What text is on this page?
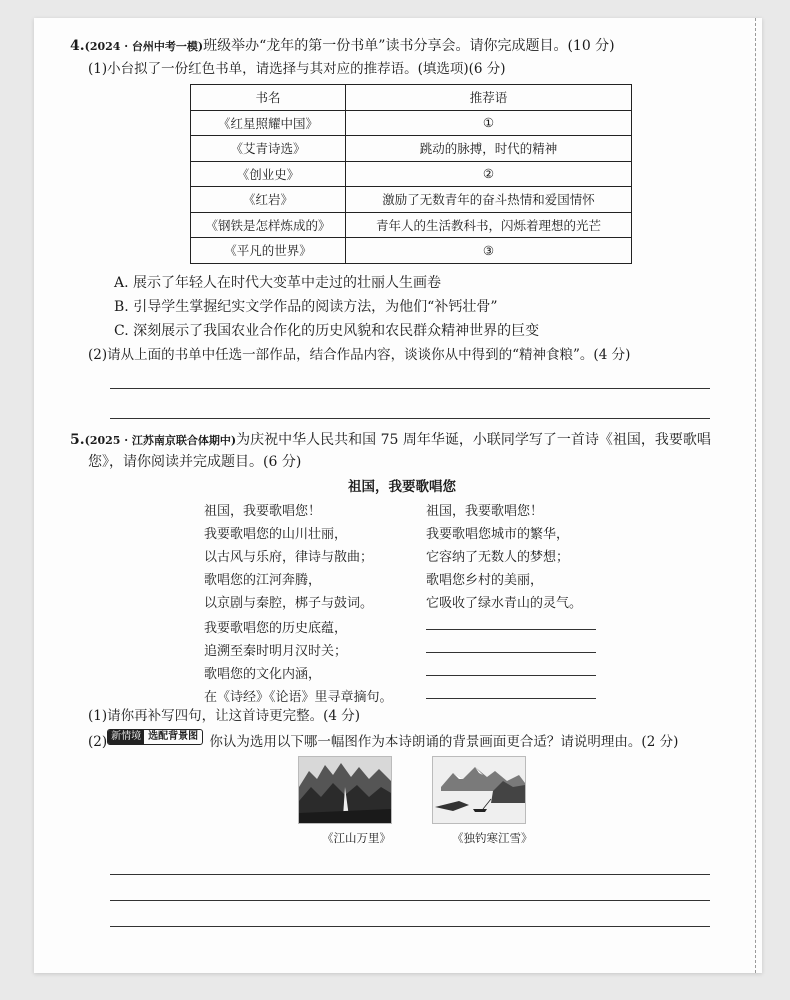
4.(2024 · 台州中考一模)班级举办“龙年的第一份书单”读书分享会。请你完成题目。(10 分)
(1)小台拟了一份红色书单，请选择与其对应的推荐语。(填选项)(6 分)
书名	推荐语
《红星照耀中国》	①
《艾青诗选》	跳动的脉搏，时代的精神
《创业史》	②
《红岩》	激励了无数青年的奋斗热情和爱国情怀
《钢铁是怎样炼成的》	青年人的生活教科书，闪烁着理想的光芒
《平凡的世界》	③
A. 展示了年轻人在时代大变革中走过的壮丽人生画卷
B. 引导学生掌握纪实文学作品的阅读方法，为他们“补钙壮骨”
C. 深刻展示了我国农业合作化的历史风貌和农民群众精神世界的巨变
(2)请从上面的书单中任选一部作品，结合作品内容，谈谈你从中得到的“精神食粮”。(4 分)
5.(2025 · 江苏南京联合体期中)为庆祝中华人民共和国 75 周年华诞，小联同学写了一首诗《祖国，我要歌唱
您》，请你阅读并完成题目。(6 分)
祖国，我要歌唱您
祖国，我要歌唱您！
我要歌唱您的山川壮丽，
以古风与乐府，律诗与散曲；
歌唱您的江河奔腾，
以京剧与秦腔，梆子与鼓词。
我要歌唱您的历史底蕴，
追溯至秦时明月汉时关；
歌唱您的文化内涵，
在《诗经》《论语》里寻章摘句。
祖国，我要歌唱您！
我要歌唱您城市的繁华，
它容纳了无数人的梦想；
歌唱您乡村的美丽，
它吸收了绿水青山的灵气。
(1)请你再补写四句，让这首诗更完整。(4 分)
(2) 新情境 选配背景图 你认为选用以下哪一幅图作为本诗朗诵的背景画面更合适？请说明理由。(2 分)
《江山万里》	《独钓寒江雪》
